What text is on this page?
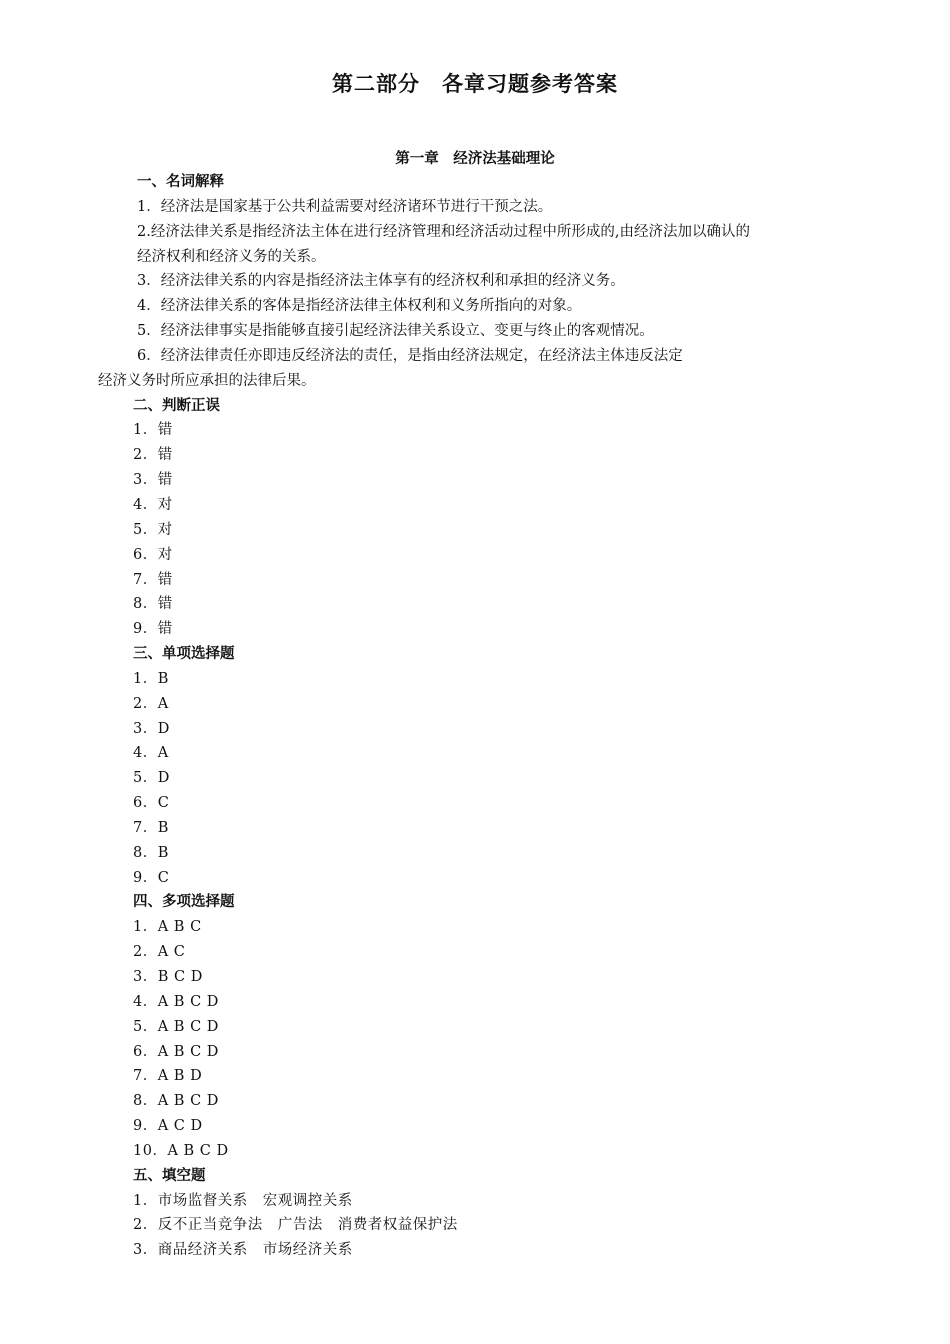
第二部分　各章习题参考答案
第一章　经济法基础理论
一、名词解释
1．经济法是国家基于公共利益需要对经济诸环节进行干预之法。
2.经济法律关系是指经济法主体在进行经济管理和经济活动过程中所形成的,由经济法加以确认的
经济权利和经济义务的关系。
3．经济法律关系的内容是指经济法主体享有的经济权利和承担的经济义务。
4．经济法律关系的客体是指经济法律主体权利和义务所指向的对象。
5．经济法律事实是指能够直接引起经济法律关系设立、变更与终止的客观情况。
6．经济法律责任亦即违反经济法的责任，是指由经济法规定，在经济法主体违反法定
经济义务时所应承担的法律后果。
二、判断正误
1．错
2．错
3．错
4．对
5．对
6．对
7．错
8．错
9．错
三、单项选择题
1．B
2．A
3．D
4．A
5．D
6．C
7．B
8．B
9．C
四、多项选择题
1．A B C
2．A C
3．B C D
4．A B C D
5．A B C D
6．A B C D
7．A B D
8．A B C D
9．A C D
10．A B C D
五、填空题
1．市场监督关系　宏观调控关系
2．反不正当竞争法　广告法　消费者权益保护法
3．商品经济关系　市场经济关系
